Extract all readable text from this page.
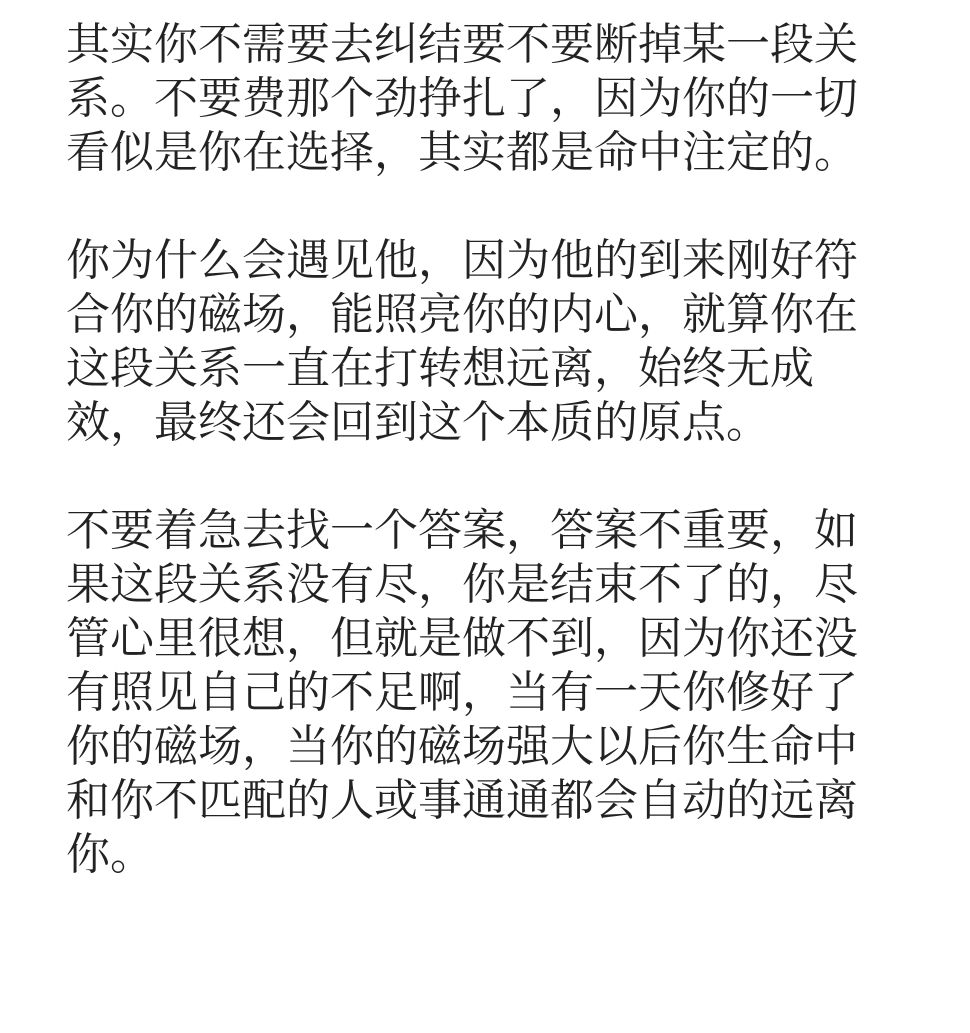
其实你不需要去纠结要不要断掉某一段关
系。不要费那个劲挣扎了，因为你的一切
看似是你在选择，其实都是命中注定的。
你为什么会遇见他，因为他的到来刚好符
合你的磁场，能照亮你的内心，就算你在
这段关系一直在打转想远离，始终无成
效，最终还会回到这个本质的原点。
不要着急去找一个答案，答案不重要，如
果这段关系没有尽，你是结束不了的，尽
管心里很想，但就是做不到，因为你还没
有照见自己的不足啊，当有一天你修好了
你的磁场，当你的磁场强大以后你生命中
和你不匹配的人或事通通都会自动的远离
你。
